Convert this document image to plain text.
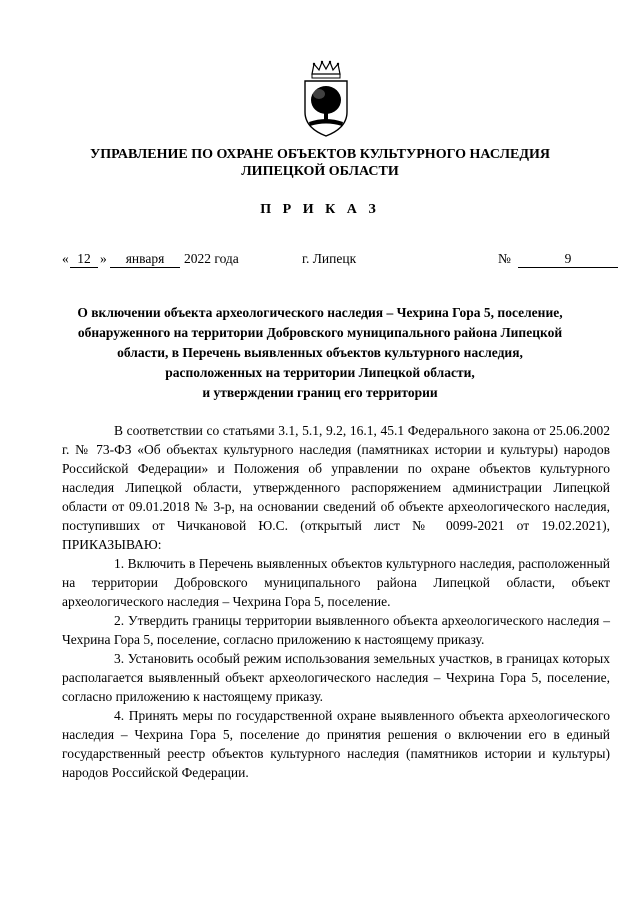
УПРАВЛЕНИЕ ПО ОХРАНЕ ОБЪЕКТОВ КУЛЬТУРНОГО НАСЛЕДИЯ
ЛИПЕЦКОЙ ОБЛАСТИ
П Р И К А З
« 12 »	января	2022 года	г. Липецк	№	9
О включении объекта археологического наследия – Чехрина Гора 5, поселение,
обнаруженного на территории Добровского муниципального района Липецкой
области, в Перечень выявленных объектов культурного наследия,
расположенных на территории Липецкой области,
и утверждении границ его территории

В соответствии со статьями 3.1, 5.1, 9.2, 16.1, 45.1 Федерального закона от 25.06.2002 г. № 73-ФЗ «Об объектах культурного наследия (памятниках истории и культуры) народов Российской Федерации» и Положения об управлении по охране объектов культурного наследия Липецкой области, утвержденного распоряжением администрации Липецкой области от 09.01.2018 № 3-р, на основании сведений об объекте археологического наследия, поступивших от Чичкановой Ю.С. (открытый лист № 0099-2021 от 19.02.2021), ПРИКАЗЫВАЮ:

1. Включить в Перечень выявленных объектов культурного наследия, расположенный на территории Добровского муниципального района Липецкой области, объект археологического наследия – Чехрина Гора 5, поселение.

2. Утвердить границы территории выявленного объекта археологического наследия – Чехрина Гора 5, поселение, согласно приложению к настоящему приказу.

3. Установить особый режим использования земельных участков, в границах которых располагается выявленный объект археологического наследия – Чехрина Гора 5, поселение, согласно приложению к настоящему приказу.

4. Принять меры по государственной охране выявленного объекта археологического наследия – Чехрина Гора 5, поселение до принятия решения о включении его в единый государственный реестр объектов культурного наследия (памятников истории и культуры) народов Российской Федерации.
